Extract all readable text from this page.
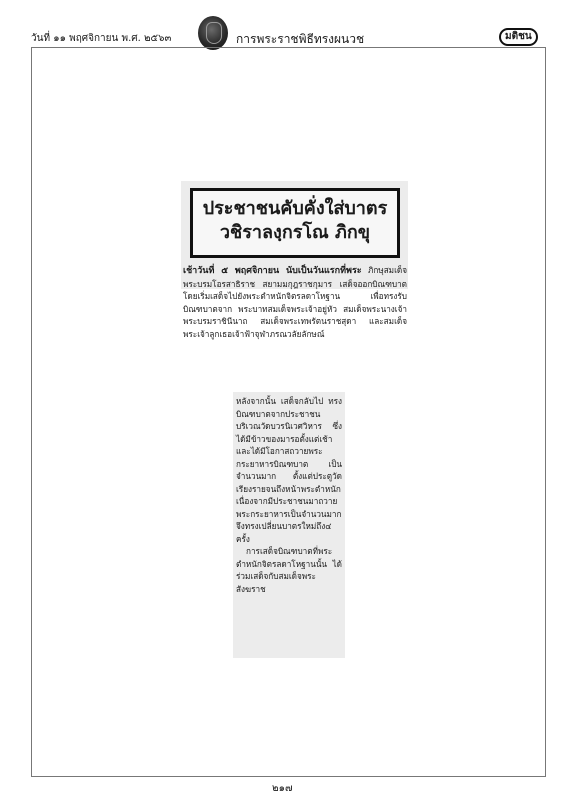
วันที่ ๑๑ พฤศจิกายน พ.ศ. ๒๕๖๓	การพระราชพิธีทรงผนวช	มติชน
ประชาชนคับคั่งใส่บาตร
วชิราลงฺกรโณ ภิกขุ

เช้าวันที่ ๕ พฤศจิกายน นับเป็นวันแรกที่พระ ภิกษุสมเด็จพระบรมโอรสาธิราช สยามมกุฎราชกุมาร เสด็จออกบิณฑบาต โดยเริ่มเสด็จไปยังพระตำหนักจิตรลดาโหฐาน เพื่อทรงรับบิณฑบาตจาก พระบาทสมเด็จพระเจ้าอยู่หัว สมเด็จพระนางเจ้าพระบรมราชินีนาถ สมเด็จพระเทพรัตนราชสุดา และสมเด็จพระเจ้าลูกเธอเจ้าฟ้าจุฬาภรณวลัยลักษณ์

หลังจากนั้น เสด็จกลับไป ทรงบิณฑบาตจากประชาชน บริเวณวัดบวรนิเวศวิหาร ซึ่งได้มีข้าวของมารอตั้งแต่เช้า และได้มีโอกาสถวายพระกระยาหารบิณฑบาต เป็นจำนวนมาก ตั้งแต่ประตูวัดเรียงรายจนถึงหน้าพระตำหนัก เนื่องจากมีประชาชนมาถวายพระกระยาหารเป็นจำนวนมาก จึงทรงเปลี่ยนบาตรใหม่ถึง๔ ครั้ง

การเสด็จบิณฑบาตที่พระตำหนักจิตรลดาโหฐานนั้น ได้ร่วมเสด็จกับสมเด็จพระสังฆราช

๒๑๗
